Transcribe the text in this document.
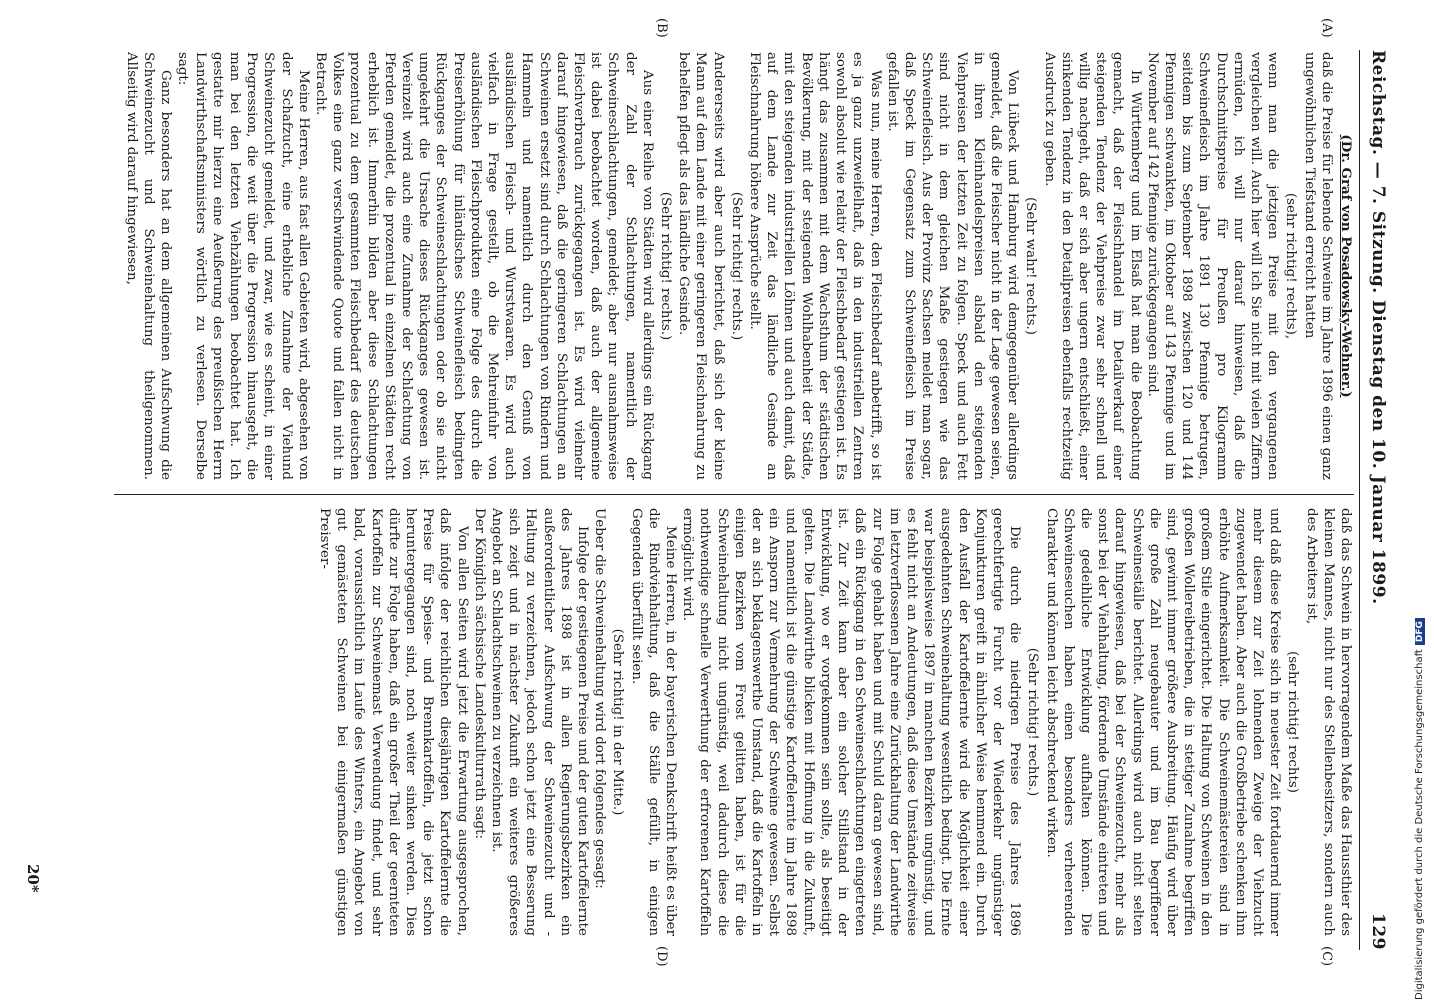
Reichstag. — 7. Sitzung.
Dienstag den 10. Januar 1899.
129

(Dr. Graf von Posadowsky-Wehner.)

daß die Preise für lebende Schweine im Jahre 1896 einen ganz ungewöhnlichen Tiefstand erreicht hatten

(sehr richtig! rechts),

wenn man die jetzigen Preise mit den vergangenen vergleichen will. Auch hier will ich Sie nicht mit vielen Ziffern ermüden, ich will nur darauf hinweisen, daß die Durchschnittspreise für Preußen pro Kilogramm Schweinefleisch im Jahre 1891 130 Pfennige betrugen, seitdem bis zum September 1898 zwischen 120 und 144 Pfennigen schwankten, im Oktober auf 143 Pfennige und im November auf 142 Pfennige zurückgegangen sind.

In Württemberg und im Elsaß hat man die Beobachtung gemacht, daß der Fleischhandel im Detailverkauf einer steigenden Tendenz der Viehpreise zwar sehr schnell und willig nachgeht, daß er sich aber ungern entschließt, einer sinkenden Tendenz in den Detailpreisen ebenfalls rechtzeitig Ausdruck zu geben.

(Sehr wahr! rechts.)

Von Lübeck und Hamburg wird demgegenüber allerdings gemeldet, daß die Fleischer nicht in der Lage gewesen seien, in ihren Kleinhandelspreisen alsbald den steigenden Viehpreisen der letzten Zeit zu folgen. Speck und auch Fett sind nicht in dem gleichen Maße gestiegen wie das Schweinefleisch. Aus der Provinz Sachsen meldet man sogar, daß Speck im Gegensatz zum Schweinefleisch im Preise gefallen ist.

Was nun, meine Herren, den Fleischbedarf anbetrifft, so ist es ja ganz unzweifelhaft, daß in den industriellen Zentren sowohl absolut wie relativ der Fleischbedarf gestiegen ist. Es hängt das zusammen mit dem Wachsthum der städtischen Bevölkerung, mit der steigenden Wohlhabenheit der Städte, mit den steigenden industriellen Löhnen und auch damit, daß auf dem Lande zur Zeit das ländliche Gesinde an Fleischnahrung höhere Ansprüche stellt.

(Sehr richtig! rechts.)

Andererseits wird aber auch berichtet, daß sich der kleine Mann auf dem Lande mit einer geringeren Fleischnahrung zu behelfen pflegt als das ländliche Gesinde.

(Sehr richtig! rechts.)

Aus einer Reihe von Städten wird allerdings ein Rückgang der Zahl der Schlachtungen, namentlich der Schweineschlachtungen, gemeldet; aber nur ausnahmsweise ist dabei beobachtet worden, daß auch der allgemeine Fleischverbrauch zurückgegangen ist. Es wird vielmehr darauf hingewiesen, daß die geringeren Schlachtungen an Schweinen ersetzt sind durch Schlachtungen von Rindern und Hammeln und namentlich durch den Genuß von ausländischen Fleisch- und Wurstwaaren. Es wird auch vielfach in Frage gestellt, ob die Mehreinfuhr von ausländischen Fleischprodukten eine Folge des durch die Preiserhöhung für inländisches Schweinefleisch bedingten Rückganges der Schweineschlachtungen oder ob sie nicht umgekehrt die Ursache dieses Rückganges gewesen ist. Vereinzelt wird auch eine Zunahme der Schlachtung von Pferden gemeldet, die prozentual in einzelnen Städten recht erheblich ist. Immerhin bilden aber diese Schlachtungen prozentual zu dem gesammten Fleischbedarf des deutschen Volkes eine ganz verschwindende Quote und fallen nicht in Betracht.

Meine Herren, aus fast allen Gebieten wird, abgesehen von der Schafzucht, eine erhebliche Zunahme der Viehund Schweinezucht gemeldet, und zwar, wie es scheint, in einer Progression, die weit über die Progression hinausgeht, die man bei den letzten Viehzählungen beobachtet hat. Ich gestatte mir hierzu eine Aeußerung des preußischen Herrn Landwirthschaftsministers wörtlich zu verlesen. Derselbe sagt:

Ganz besonders hat an dem allgemeinen Aufschwung die Schweinezucht und Schweinehaltung theilgenommen. Allseitig wird darauf hingewiesen,

daß das Schwein in hervorragendem Maße das Haussthier des kleinen Mannes, nicht nur des Stellenbesitzers, sondern auch des Arbeiters ist,

(sehr richtig! rechts)

und daß diese Kreise sich in neuester Zeit fortdauernd immer mehr diesem zur Zeit lohnenden Zweige der Viehzucht zugewendet haben. Aber auch die Großbetriebe schenken ihm erhöhte Aufmerksamkeit. Die Schweinemästereien sind in großem Stile eingerichtet. Die Haltung von Schweinen in den großen Wollereibetrieben, die in stetiger Zunahme begriffen sind, gewinnt immer größere Ausbreitung. Häufig wird über die große Zahl neugebauter und im Bau begriffener Schweineställe berichtet. Allerdings wird auch nicht selten darauf hingewiesen, daß bei der Schweinezucht, mehr als sonst bei der Viehhaltung, fördernde Umstände eintreten und die gedeihliche Entwicklung aufhalten können. Die Schweineseuchen haben einen besonders verheerenden Charakter und können leicht abschreckend wirken.

(Sehr richtig! rechts.)

Die durch die niedrigen Preise des Jahres 1896 gerechtfertigte Furcht vor der Wiederkehr ungünstiger Konjunkturen greift in ähnlicher Weise hemmend ein. Durch den Ausfall der Kartoffelernte wird die Möglichkeit einer ausgedehnten Schweinehaltung wesentlich bedingt. Die Ernte war beispielsweise 1897 in manchen Bezirken ungünstig, und es fehlt nicht an Andeutungen, daß diese Umstände zeitweise im letztverflossenen Jahre eine Zurückhaltung der Landwirthe zur Folge gehabt haben und mit Schuld daran gewesen sind, daß ein Rückgang in den Schweineschlachtungen eingetreten ist. Zur Zeit kann aber ein solcher Stillstand in der Entwicklung, wo er vorgekommen sein sollte, als beseitigt gelten. Die Landwirthe blicken mit Hoffnung in die Zukunft, und namentlich ist die günstige Kartoffelernte im Jahre 1898 ein Ansporn zur Vermehrung der Schweine gewesen. Selbst der an sich beklagenswerthe Umstand, daß die Kartoffeln in einigen Bezirken vom Frost gelitten haben, ist für die Schweinehaltung nicht ungünstig, weil dadurch diese die nothwendige schnelle Verwerthung der erfrorenen Kartoffeln ermöglicht wird.

Meine Herren, in der bayerischen Denkschrift heißt es über die Rindviehhaltung, daß die Ställe gefüllt, in einigen Gegenden überfüllt seien.

(Sehr richtig! in der Mitte.)

Ueber die Schweinehaltung wird dort folgendes gesagt:

Infolge der gestiegenen Preise und der guten Kartoffelernte des Jahres 1898 ist in allen Regierungsbezirken ein außerordentlicher Aufschwung der Schweinezucht und -Haltung zu verzeichnen, jedoch schon jetzt eine Besserung sich zeigt und in nächster Zukunft ein weiteres größeres Angebot an Schlachtschweinen zu verzeichnen ist.

Der Königlich sächsische Landeskulturrath sagt:

Von allen Seiten wird jetzt die Erwartung ausgesprochen, daß infolge der reichlichen diesjährigen Kartoffelernte die Preise für Speise- und Brennkartoffeln, die jetzt schon heruntergegangen sind, noch weiter sinken werden. Dies dürfte zur Folge haben, daß ein großer Theil der geernteten Kartoffeln zur Schweinemast Verwendung findet, und sehr bald, voraussichtlich im Laufe des Winters, ein Angebot von gut gemästeten Schweinen bei einigermaßen günstigen Preisver-

(A)
(B)
(C)
(D)
20*	Digitalisierung gefördert durch die Deutsche ForschungsgemeinschaftDFG
